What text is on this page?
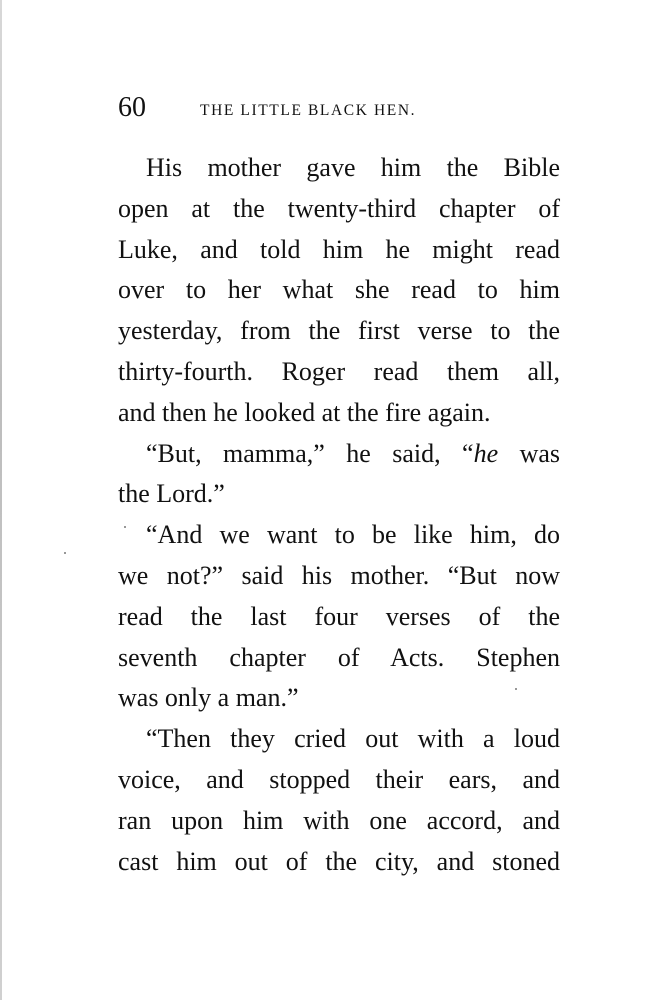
60	THE LITTLE BLACK HEN.
His mother gave him the Bible
open at the twenty-third chapter of
Luke, and told him he might read
over to her what she read to him
yesterday, from the first verse to the
thirty-fourth. Roger read them all,
and then he looked at the fire again.
“But, mamma,” he said, “he was
the Lord.”
“And we want to be like him, do
we not?” said his mother. “But now
read the last four verses of the
seventh chapter of Acts. Stephen
was only a man.”
“Then they cried out with a loud
voice, and stopped their ears, and
ran upon him with one accord, and
cast him out of the city, and stoned
